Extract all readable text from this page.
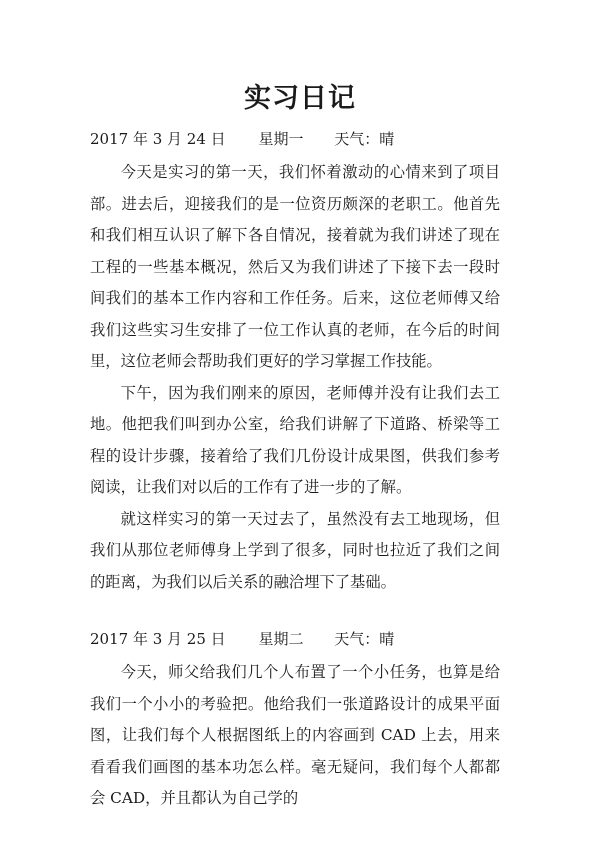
实习日记
2017 年 3 月 24 日 星期一 天气：晴

今天是实习的第一天，我们怀着激动的心情来到了项目部。进去后，迎接我们的是一位资历颇深的老职工。他首先和我们相互认识了解下各自情况，接着就为我们讲述了现在工程的一些基本概况，然后又为我们讲述了下接下去一段时间我们的基本工作内容和工作任务。后来，这位老师傅又给我们这些实习生安排了一位工作认真的老师，在今后的时间里，这位老师会帮助我们更好的学习掌握工作技能。

下午，因为我们刚来的原因，老师傅并没有让我们去工地。他把我们叫到办公室，给我们讲解了下道路、桥梁等工程的设计步骤，接着给了我们几份设计成果图，供我们参考阅读，让我们对以后的工作有了进一步的了解。

就这样实习的第一天过去了，虽然没有去工地现场，但我们从那位老师傅身上学到了很多，同时也拉近了我们之间的距离，为我们以后关系的融洽埋下了基础。

2017 年 3 月 25 日 星期二 天气：晴

今天，师父给我们几个人布置了一个小任务，也算是给我们一个小小的考验把。他给我们一张道路设计的成果平面图，让我们每个人根据图纸上的内容画到 CAD 上去，用来看看我们画图的基本功怎么样。毫无疑问，我们每个人都都会 CAD，并且都认为自己学的
